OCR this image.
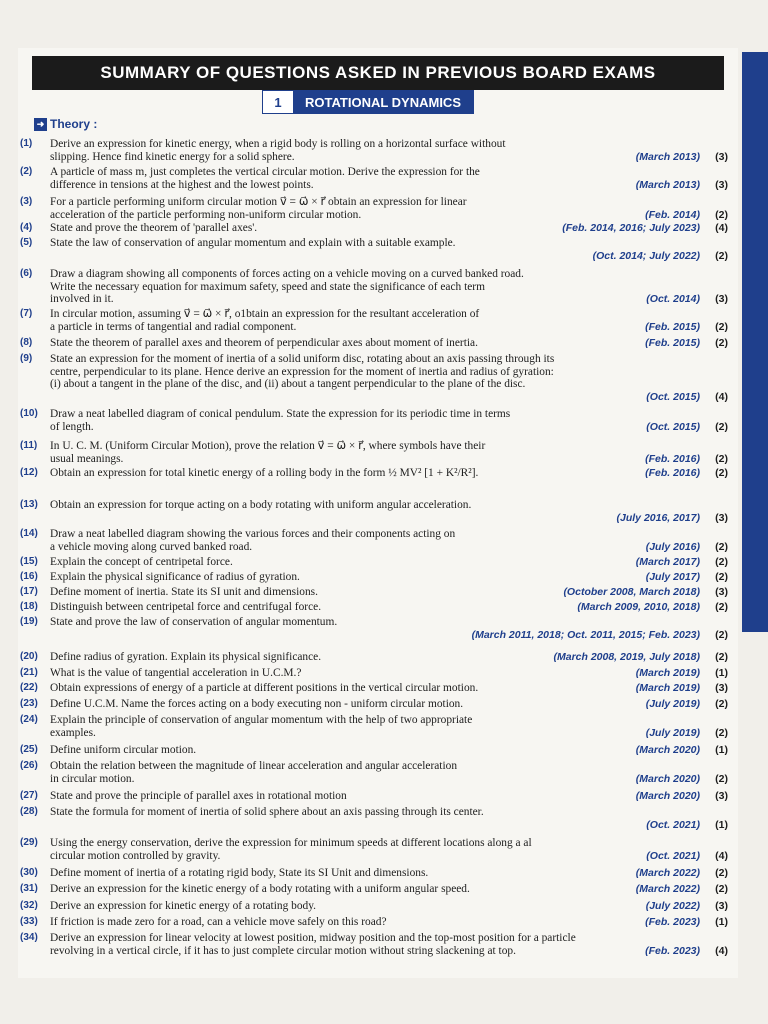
SUMMARY OF QUESTIONS ASKED IN PREVIOUS BOARD EXAMS
1	ROTATIONAL DYNAMICS
➜ Theory :
(1)	Derive an expression for kinetic energy, when a rigid body is rolling on a horizontal surface without
slipping. Hence find kinetic energy for a solid sphere.	(March 2013)	(3)
(2)	A particle of mass m, just completes the vertical circular motion. Derive the expression for the
difference in tensions at the highest and the lowest points.	(March 2013)	(3)
(3)	For a particle performing uniform circular motion v⃗ = ω⃗ × r⃗ obtain an expression for linear
acceleration of the particle performing non-uniform circular motion.	(Feb. 2014)	(2)
(4)	State and prove the theorem of 'parallel axes'.	(Feb. 2014, 2016; July 2023)	(4)
(5)	State the law of conservation of angular momentum and explain with a suitable example.

(Oct. 2014; July 2022)	(2)
(6)	Draw a diagram showing all components of forces acting on a vehicle moving on a curved banked road.
Write the necessary equation for maximum safety, speed and state the significance of each term
involved in it.	(Oct. 2014)	(3)
(7)	In circular motion, assuming v⃗ = ω⃗ × r⃗, o1btain an expression for the resultant acceleration of
a particle in terms of tangential and radial component.	(Feb. 2015)	(2)
(8)	State the theorem of parallel axes and theorem of perpendicular axes about moment of inertia.	(Feb. 2015)	(2)
(9)	State an expression for the moment of inertia of a solid uniform disc, rotating about an axis passing through its
centre, perpendicular to its plane. Hence derive an expression for the moment of inertia and radius of gyration:
(i) about a tangent in the plane of the disc, and (ii) about a tangent perpendicular to the plane of the disc.

(Oct. 2015)	(4)
(10)	Draw a neat labelled diagram of conical pendulum. State the expression for its periodic time in terms
of length.	(Oct. 2015)	(2)
(11)	In U. C. M. (Uniform Circular Motion), prove the relation v⃗ = ω⃗ × r⃗, where symbols have their
usual meanings.	(Feb. 2016)	(2)
(12)	Obtain an expression for total kinetic energy of a rolling body in the form ½ MV² [1 + K²/R²].	(Feb. 2016)	(2)
(13)	Obtain an expression for torque acting on a body rotating with uniform angular acceleration.

(July 2016, 2017)	(3)
(14)	Draw a neat labelled diagram showing the various forces and their components acting on
a vehicle moving along curved banked road.	(July 2016)	(2)
(15)	Explain the concept of centripetal force.	(March 2017)	(2)
(16)	Explain the physical significance of radius of gyration.	(July 2017)	(2)
(17)	Define moment of inertia. State its SI unit and dimensions.	(October 2008, March 2018)	(3)
(18)	Distinguish between centripetal force and centrifugal force.	(March 2009, 2010, 2018)	(2)
(19)	State and prove the law of conservation of angular momentum.

(March 2011, 2018; Oct. 2011, 2015; Feb. 2023)	(2)
(20)	Define radius of gyration. Explain its physical significance.	(March 2008, 2019, July 2018)	(2)
(21)	What is the value of tangential acceleration in U.C.M.?	(March 2019)	(1)
(22)	Obtain expressions of energy of a particle at different positions in the vertical circular motion.	(March 2019)	(3)
(23)	Define U.C.M. Name the forces acting on a body executing non - uniform circular motion.	(July 2019)	(2)
(24)	Explain the principle of conservation of angular momentum with the help of two appropriate
examples.	(July 2019)	(2)
(25)	Define uniform circular motion.	(March 2020)	(1)
(26)	Obtain the relation between the magnitude of linear acceleration and angular acceleration
in circular motion.	(March 2020)	(2)
(27)	State and prove the principle of parallel axes in rotational motion	(March 2020)	(3)
(28)	State the formula for moment of inertia of solid sphere about an axis passing through its center.

(Oct. 2021)	(1)
(29)	Using the energy conservation, derive the expression for minimum speeds at different locations along a al
circular motion controlled by gravity.	(Oct. 2021)	(4)
(30)	Define moment of inertia of a rotating rigid body, State its SI Unit and dimensions.	(March 2022)	(2)
(31)	Derive an expression for the kinetic energy of a body rotating with a uniform angular speed.	(March 2022)	(2)
(32)	Derive an expression for kinetic energy of a rotating body.	(July 2022)	(3)
(33)	If friction is made zero for a road, can a vehicle move safely on this road?	(Feb. 2023)	(1)
(34)	Derive an expression for linear velocity at lowest position, midway position and the top-most position for a particle
revolving in a vertical circle, if it has to just complete circular motion without string slackening at top.	(Feb. 2023)	(4)
